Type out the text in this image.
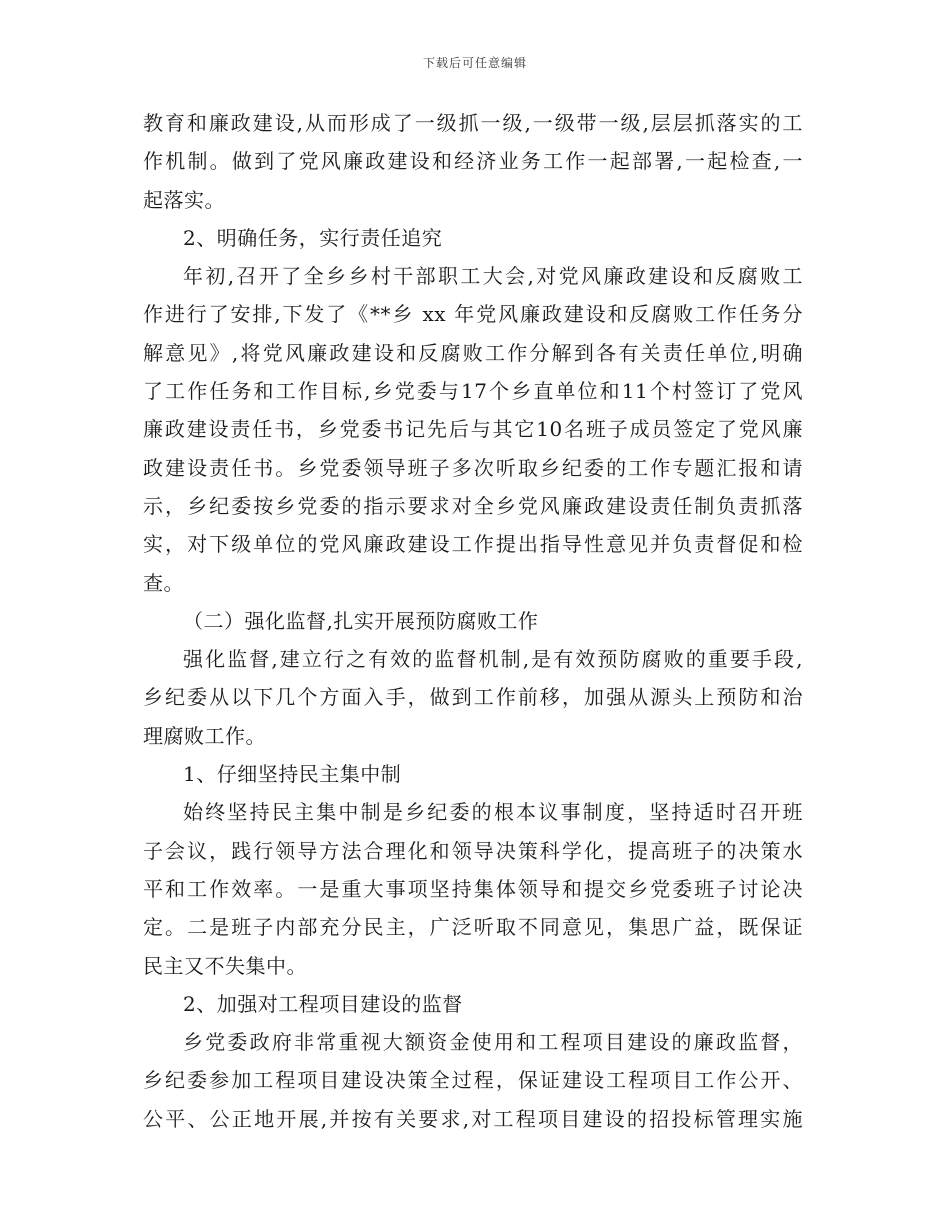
下载后可任意编辑
教育和廉政建设,从而形成了一级抓一级,一级带一级,层层抓落实的工
作机制。做到了党风廉政建设和经济业务工作一起部署,一起检查,一
起落实。
2、明确任务，实行责任追究
年初,召开了全乡乡村干部职工大会,对党风廉政建设和反腐败工
作进行了安排,下发了《**乡 xx 年党风廉政建设和反腐败工作任务分
解意见》,将党风廉政建设和反腐败工作分解到各有关责任单位,明确
了工作任务和工作目标,乡党委与17个乡直单位和11个村签订了党风
廉政建设责任书，乡党委书记先后与其它10名班子成员签定了党风廉
政建设责任书。乡党委领导班子多次听取乡纪委的工作专题汇报和请
示，乡纪委按乡党委的指示要求对全乡党风廉政建设责任制负责抓落
实，对下级单位的党风廉政建设工作提出指导性意见并负责督促和检
查。
（二）强化监督,扎实开展预防腐败工作
强化监督,建立行之有效的监督机制,是有效预防腐败的重要手段,
乡纪委从以下几个方面入手，做到工作前移，加强从源头上预防和治
理腐败工作。
1、仔细坚持民主集中制
始终坚持民主集中制是乡纪委的根本议事制度，坚持适时召开班
子会议，践行领导方法合理化和领导决策科学化，提高班子的决策水
平和工作效率。一是重大事项坚持集体领导和提交乡党委班子讨论决
定。二是班子内部充分民主，广泛听取不同意见，集思广益，既保证
民主又不失集中。
2、加强对工程项目建设的监督
乡党委政府非常重视大额资金使用和工程项目建设的廉政监督，
乡纪委参加工程项目建设决策全过程，保证建设工程项目工作公开、
公平、公正地开展,并按有关要求,对工程项目建设的招投标管理实施
